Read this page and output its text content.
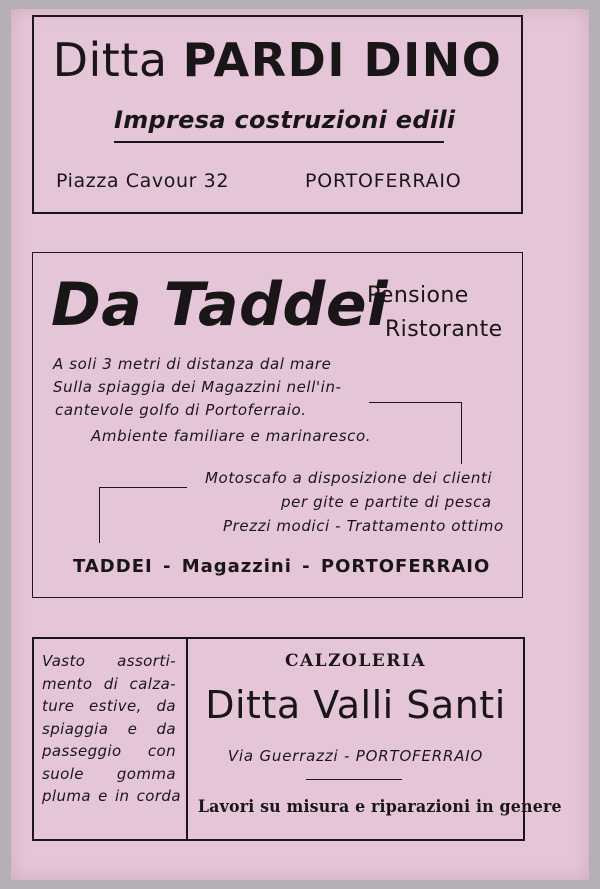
Ditta PARDI DINO
Impresa costruzioni edili
Piazza Cavour 32	PORTOFERRAIO
Da Taddei
Pensione
Ristorante
A soli 3 metri di distanza dal mare
Sulla spiaggia dei Magazzini nell'in-
cantevole golfo di Portoferraio.
Ambiente familiare e marinaresco.
Motoscafo a disposizione dei clienti
per gite e partite di pesca
Prezzi modici - Trattamento ottimo
TADDEI - Magazzini - PORTOFERRAIO
Vasto assorti-
mento di calza-
ture estive, da
spiaggia e da
passeggio con
suole gomma
pluma e in corda
CALZOLERIA
Ditta Valli Santi
Via Guerrazzi - PORTOFERRAIO
Lavori su misura e riparazioni in genere
